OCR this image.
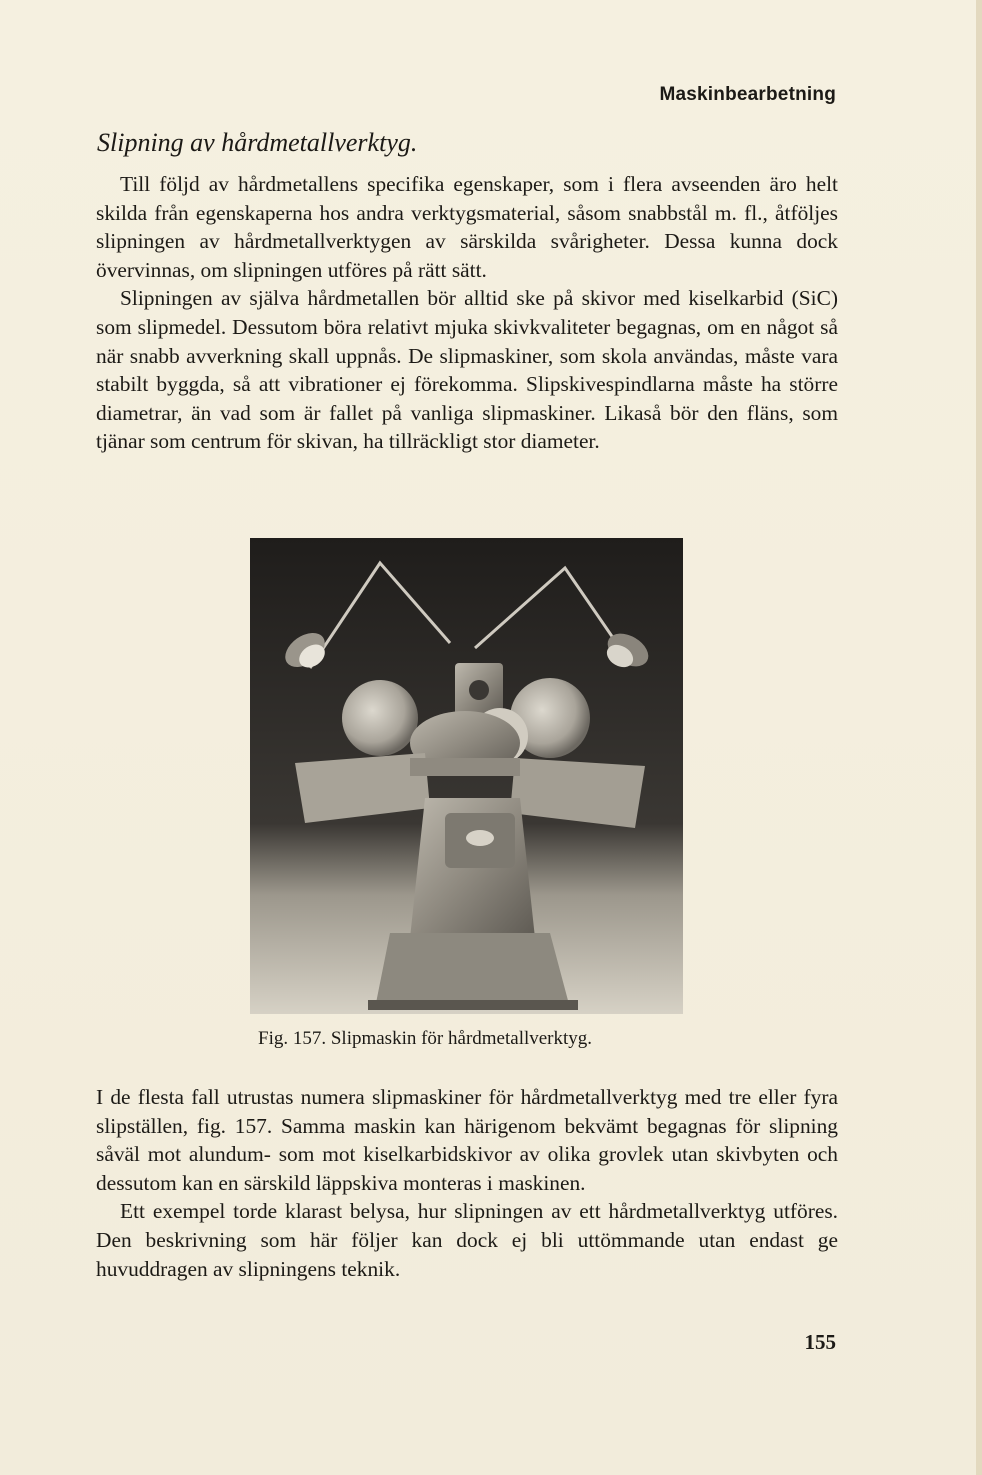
Maskinbearbetning
Slipning av hårdmetallverktyg.

Till följd av hårdmetallens specifika egenskaper, som i flera avseenden äro helt skilda från egenskaperna hos andra verktygsmaterial, såsom snabbstål m. fl., åtföljes slipningen av hårdmetallverktygen av särskilda svårigheter. Dessa kunna dock övervinnas, om slipningen utföres på rätt sätt.

Slipningen av själva hårdmetallen bör alltid ske på skivor med kiselkarbid (SiC) som slipmedel. Dessutom böra relativt mjuka skivkvaliteter begagnas, om en något så när snabb avverkning skall uppnås. De slipmaskiner, som skola användas, måste vara stabilt byggda, så att vibrationer ej förekomma. Slipskivespindlarna måste ha större diametrar, än vad som är fallet på vanliga slipmaskiner. Likaså bör den fläns, som tjänar som centrum för skivan, ha tillräckligt stor diameter.

Fig. 157. Slipmaskin för hårdmetallverktyg.

I de flesta fall utrustas numera slipmaskiner för hårdmetallverktyg med tre eller fyra slipställen, fig. 157. Samma maskin kan härigenom bekvämt begagnas för slipning såväl mot alundum- som mot kiselkarbidskivor av olika grovlek utan skivbyten och dessutom kan en särskild läppskiva monteras i maskinen.

Ett exempel torde klarast belysa, hur slipningen av ett hårdmetallverktyg utföres. Den beskrivning som här följer kan dock ej bli uttömmande utan endast ge huvuddragen av slipningens teknik.

155
